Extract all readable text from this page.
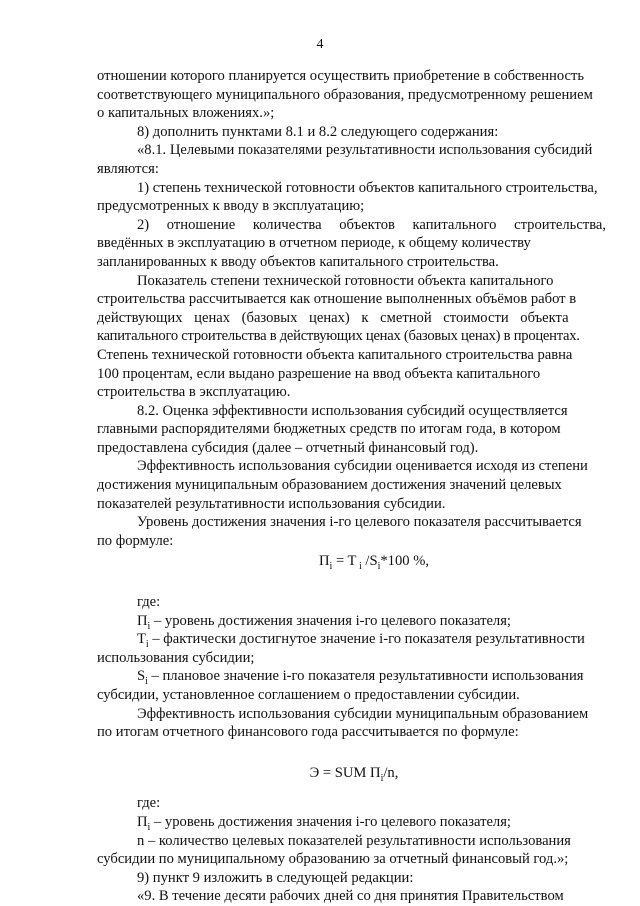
4

отношении которого планируется осуществить приобретение в собственность

соответствующего муниципального образования, предусмотренному решением

о капитальных вложениях.»;

8) дополнить пунктами 8.1 и 8.2 следующего содержания:

«8.1. Целевыми показателями результативности использования субсидий

являются:

1) степень технической готовности объектов капитального строительства,

предусмотренных к вводу в эксплуатацию;

2) отношение количества объектов капитального строительства,

введённых в эксплуатацию в отчетном периоде, к общему количеству

запланированных к вводу объектов капитального строительства.

Показатель степени технической готовности объекта капитального

строительства рассчитывается как отношение выполненных объёмов работ в

действующих ценах (базовых ценах) к сметной стоимости объекта

капитального строительства в действующих ценах (базовых ценах) в процентах.

Степень технической готовности объекта капитального строительства равна

100 процентам, если выдано разрешение на ввод объекта капитального

строительства в эксплуатацию.

8.2. Оценка эффективности использования субсидий осуществляется

главными распорядителями бюджетных средств по итогам года, в котором

предоставлена субсидия (далее – отчетный финансовый год).

Эффективность использования субсидии оценивается исходя из степени

достижения муниципальным образованием достижения значений целевых

показателей результативности использования субсидии.

Уровень достижения значения i-го целевого показателя рассчитывается

по формуле:

$П_i = T$ $_i$ $/S_i*100$ %,

где:

$П_i$ – уровень достижения значения i-го целевого показателя;

$T_i$ – фактически достигнутое значение i-го показателя результативности

использования субсидии;

$S_i$ – плановое значение i-го показателя результативности использования

субсидии, установленное соглашением о предоставлении субсидии.

Эффективность использования субсидии муниципальным образованием

по итогам отчетного финансового года рассчитывается по формуле:

Э = SUM $П_i/n$,

где:

$П_i$ – уровень достижения значения i-го целевого показателя;

n – количество целевых показателей результативности использования

субсидии по муниципальному образованию за отчетный финансовый год.»;

9) пункт 9 изложить в следующей редакции:

«9. В течение десяти рабочих дней со дня принятия Правительством
